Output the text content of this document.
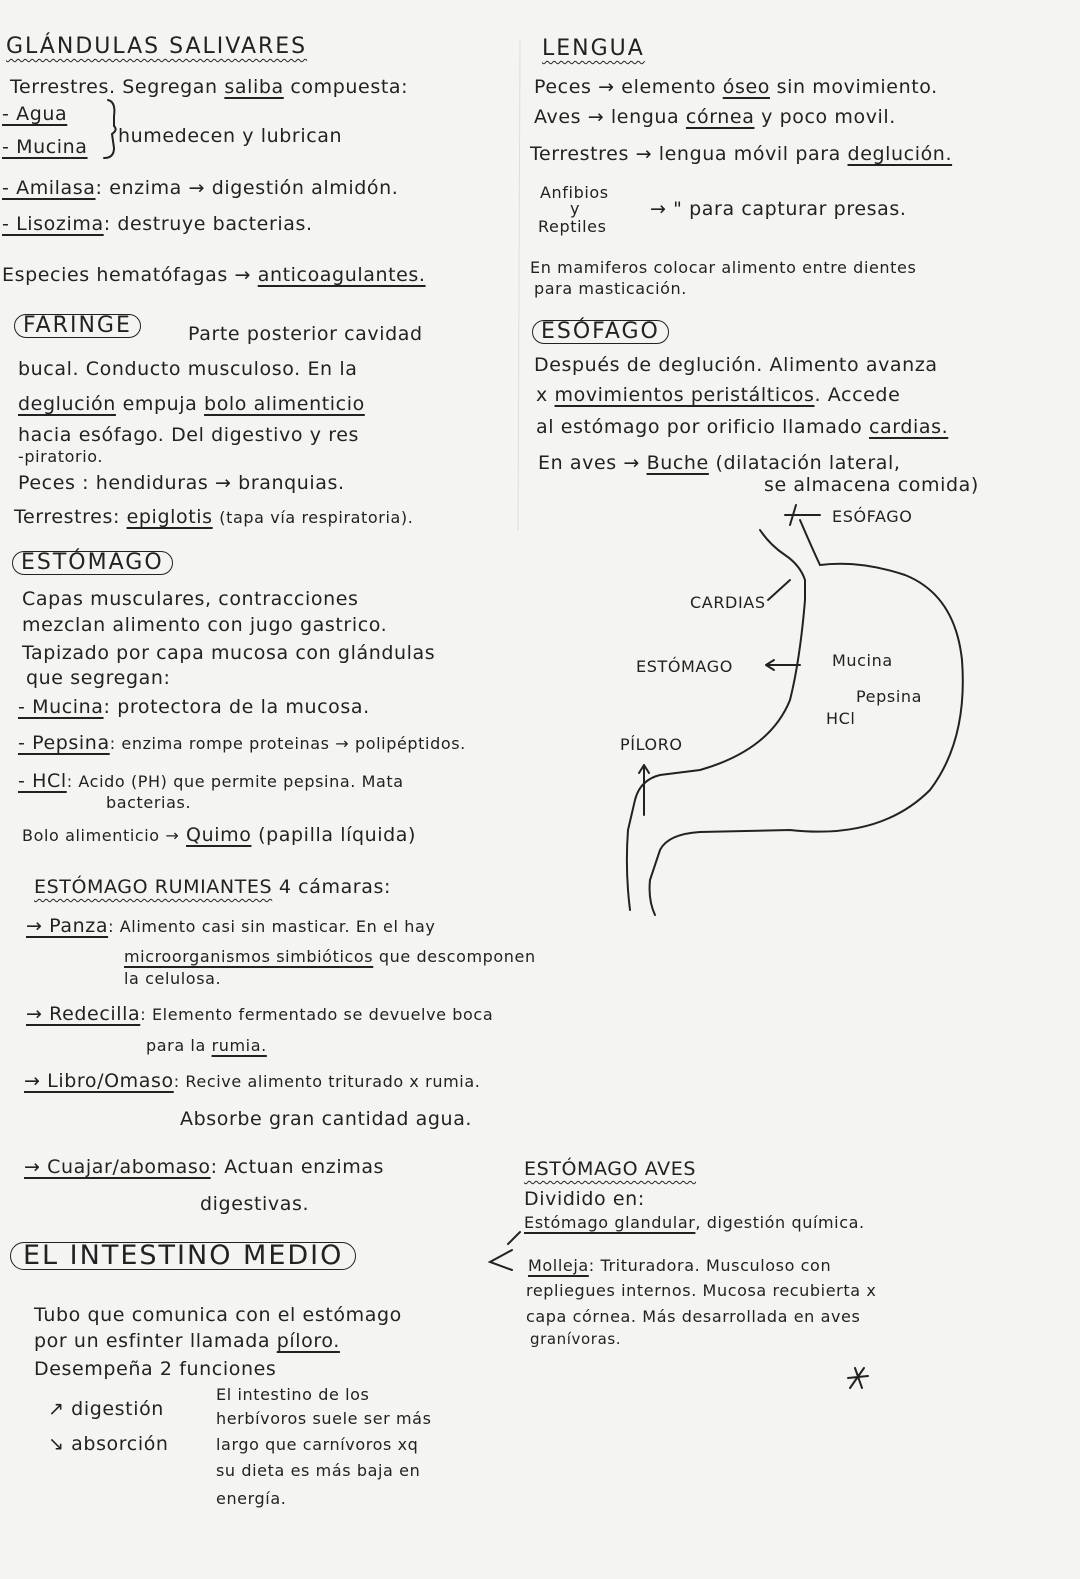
GLÁNDULAS SALIVARES
Terrestres. Segregan saliba compuesta:
- Agua
- Mucina humedecen y lubrican
- Amilasa: enzima → digestión almidón.
- Lisozima: destruye bacterias.
Especies hematófagas → anticoagulantes.
FARINGE	Parte posterior cavidad
bucal. Conducto musculoso. En la
deglución empuja bolo alimenticio
hacia esófago. Del digestivo y res
-piratorio.
Peces : hendiduras → branquias.
Terrestres: epiglotis (tapa vía respiratoria).
ESTÓMAGO
Capas musculares, contracciones
mezclan alimento con jugo gastrico.
Tapizado por capa mucosa con glándulas
que segregan:
- Mucina: protectora de la mucosa.
- Pepsina: enzima rompe proteinas → polipéptidos.
- HCl: Acido (PH) que permite pepsina. Mata
bacterias.
Bolo alimenticio → Quimo (papilla líquida)
ESTÓMAGO RUMIANTES 4 cámaras:
→ Panza: Alimento casi sin masticar. En el hay
microorganismos simbióticos que descomponen
la celulosa.
→ Redecilla: Elemento fermentado se devuelve boca
para la rumia.
→ Libro/Omaso: Recive alimento triturado x rumia.
Absorbe gran cantidad agua.
→ Cuajar/abomaso: Actuan enzimas
digestivas.
EL INTESTINO MEDIO
Tubo que comunica con el estómago
por un esfinter llamada píloro.
Desempeña 2 funciones
↗ digestión
↘ absorción
El intestino de los
herbívoros suele ser más
largo que carnívoros xq
su dieta es más baja en
energía.
LENGUA
Peces → elemento óseo sin movimiento.
Aves → lengua córnea y poco movil.
Terrestres → lengua móvil para deglución.
Anfibios
y
Reptiles
→ " para capturar presas.
En mamiferos colocar alimento entre dientes
para masticación.
ESÓFAGO
Después de deglución. Alimento avanza
x movimientos peristálticos. Accede
al estómago por orificio llamado cardias.
En aves → Buche (dilatación lateral,
se almacena comida)
ESÓFAGO
CARDIAS
ESTÓMAGO	Mucina
Pepsina
HCl
PÍLORO
ESTÓMAGO AVES
Dividido en:
Estómago glandular, digestión química.
Molleja: Trituradora. Musculoso con
repliegues internos. Mucosa recubierta x
capa córnea. Más desarrollada en aves
granívoras.
